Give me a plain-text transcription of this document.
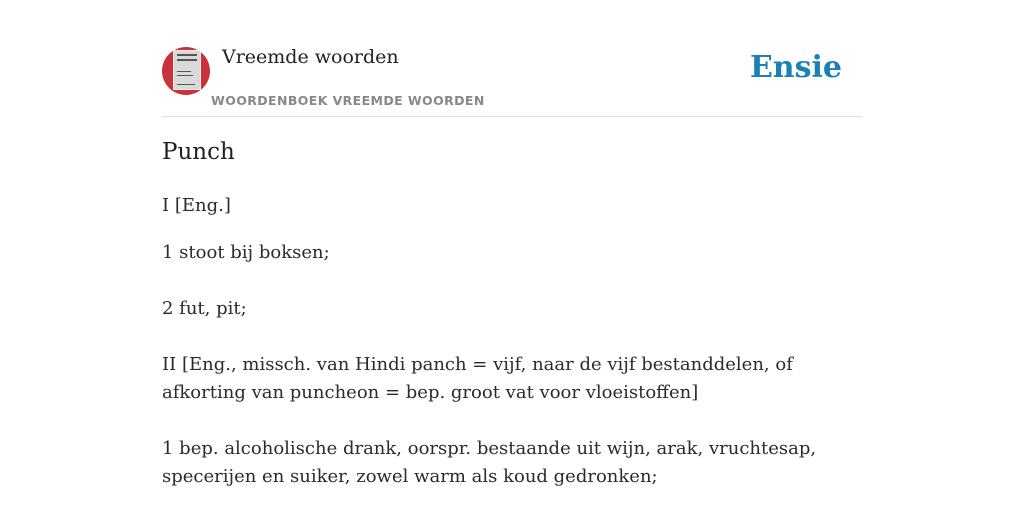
Vreemde woorden
WOORDENBOEK VREEMDE WOORDEN
Ensie
Punch

I [Eng.]

1 stoot bij boksen;

2 fut, pit;

II [Eng., missch. van Hindi panch = vijf, naar de vijf bestanddelen, of afkorting van puncheon = bep. groot vat voor vloeistoffen]

1 bep. alcoholische drank, oorspr. bestaande uit wijn, arak, vruchtesap, specerijen en suiker, zowel warm als koud gedronken;
